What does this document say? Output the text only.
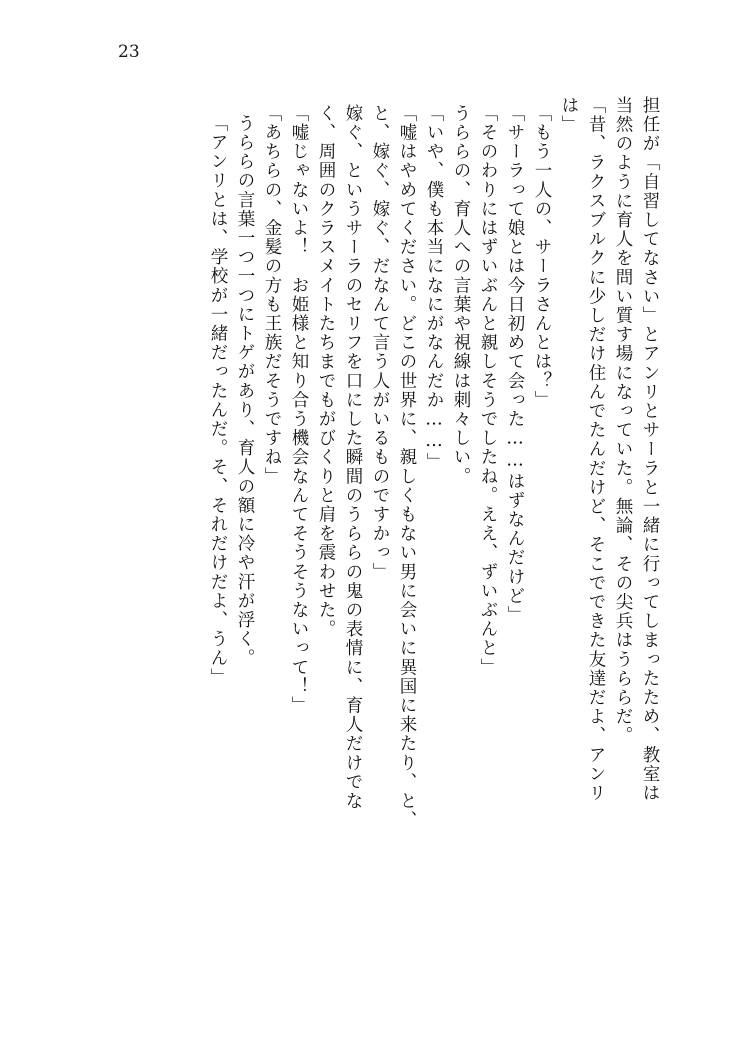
23
担任が「自習してなさい」とアンリとサーラと一緒に行ってしまったため、教室は
当然のように育人を問い質す場になっていた。無論、その尖兵はうららだ。
「昔、ラクスブルクに少しだけ住んでたんだけど、そこでできた友達だよ、アンリ
は」
「もう一人の、サーラさんとは？」
「サーラって娘とは今日初めて会った……はずなんだけど」
「そのわりにはずいぶんと親しそうでしたね。ええ、ずいぶんと」
うららの、育人への言葉や視線は刺々しい。
「いや、僕も本当になにがなんだか……」
「嘘はやめてください。どこの世界に、親しくもない男に会いに異国に来たり、と、
と、嫁ぐ、嫁ぐ、だなんて言う人がいるものですかっ」
嫁ぐ、というサーラのセリフを口にした瞬間のうららの鬼の表情に、育人だけでな
く、周囲のクラスメイトたちまでもがびくりと肩を震わせた。
「嘘じゃないよ！　お姫様と知り合う機会なんてそうそうないって！」
「あちらの、金髪の方も王族だそうですね」
うららの言葉一つ一つにトゲがあり、育人の額に冷や汗が浮く。
「アンリとは、学校が一緒だったんだ。そ、それだけだよ、うん」
